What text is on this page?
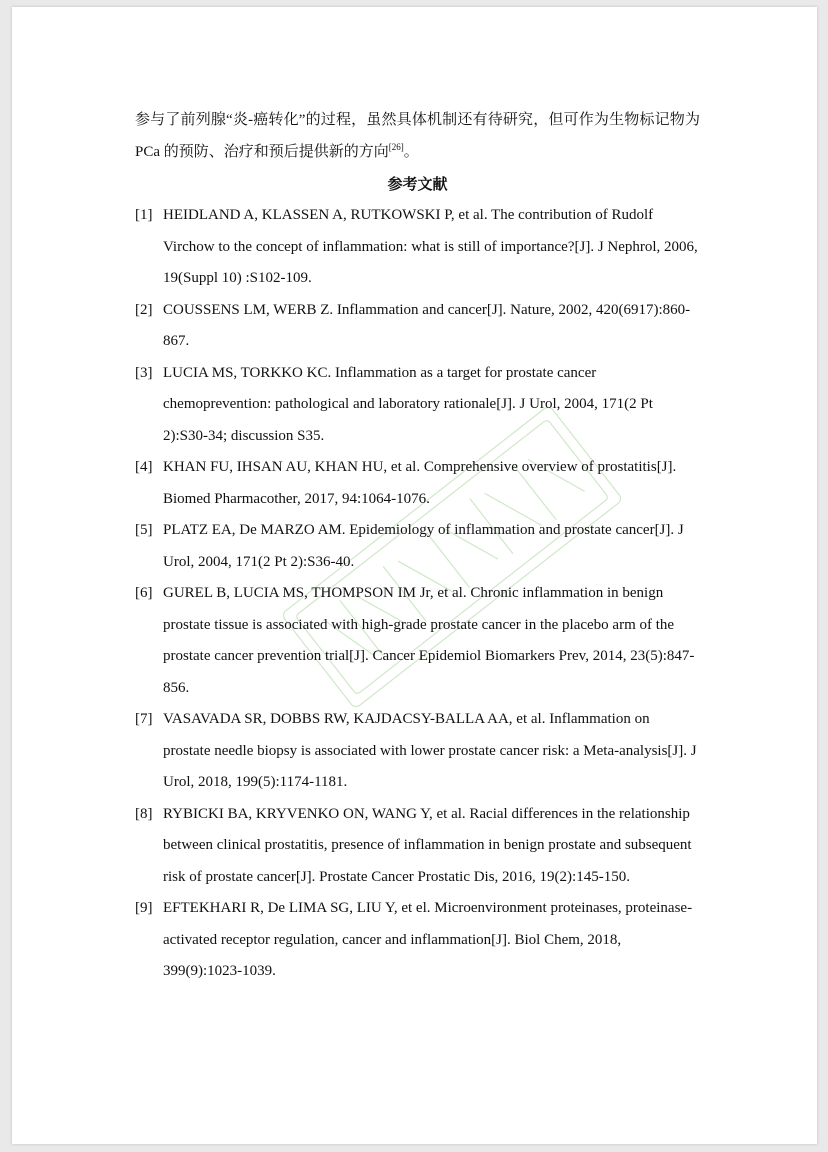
参与了前列腺“炎-癌转化”的过程，虽然具体机制还有待研究，但可作为生物标记物为 PCa 的预防、治疗和预后提供新的方向[26]。

参考文献
[1] HEIDLAND A, KLASSEN A, RUTKOWSKI P, et al. The contribution of Rudolf Virchow to the concept of inflammation: what is still of importance?[J]. J Nephrol, 2006, 19(Suppl 10) :S102-109.
[2] COUSSENS LM, WERB Z. Inflammation and cancer[J]. Nature, 2002, 420(6917):860-867.
[3] LUCIA MS, TORKKO KC. Inflammation as a target for prostate cancer chemoprevention: pathological and laboratory rationale[J]. J Urol, 2004, 171(2 Pt 2):S30-34; discussion S35.
[4] KHAN FU, IHSAN AU, KHAN HU, et al. Comprehensive overview of prostatitis[J]. Biomed Pharmacother, 2017, 94:1064-1076.
[5] PLATZ EA, De MARZO AM. Epidemiology of inflammation and prostate cancer[J]. J Urol, 2004, 171(2 Pt 2):S36-40.
[6] GUREL B, LUCIA MS, THOMPSON IM Jr, et al. Chronic inflammation in benign prostate tissue is associated with high-grade prostate cancer in the placebo arm of the prostate cancer prevention trial[J]. Cancer Epidemiol Biomarkers Prev, 2014, 23(5):847-856.
[7] VASAVADA SR, DOBBS RW, KAJDACSY-BALLA AA, et al. Inflammation on prostate needle biopsy is associated with lower prostate cancer risk: a Meta-analysis[J]. J Urol, 2018, 199(5):1174-1181.
[8] RYBICKI BA, KRYVENKO ON, WANG Y, et al. Racial differences in the relationship between clinical prostatitis, presence of inflammation in benign prostate and subsequent risk of prostate cancer[J]. Prostate Cancer Prostatic Dis, 2016, 19(2):145-150.
[9] EFTEKHARI R, De LIMA SG, LIU Y, et el. Microenvironment proteinases, proteinase-activated receptor regulation, cancer and inflammation[J]. Biol Chem, 2018, 399(9):1023-1039.
